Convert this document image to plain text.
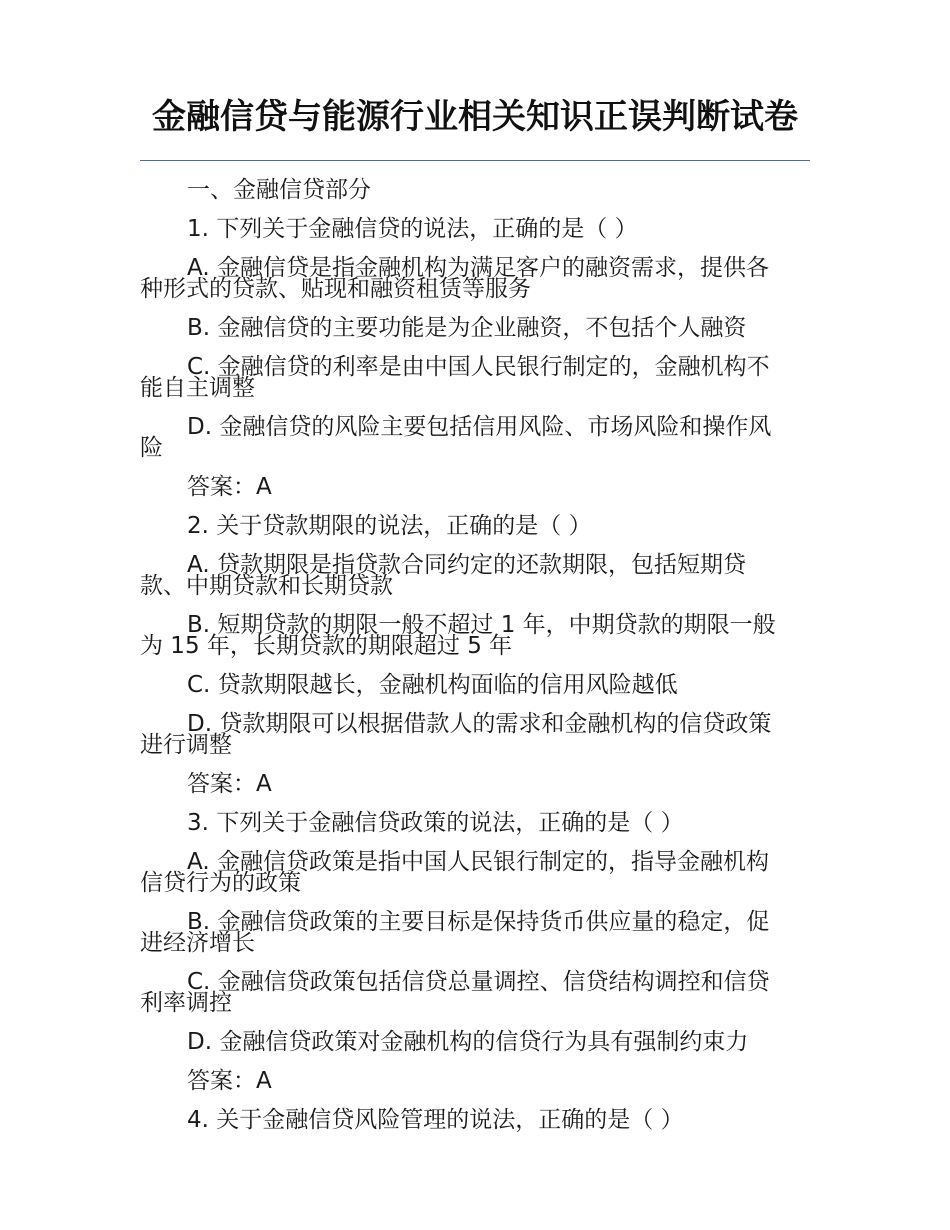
金融信贷与能源行业相关知识正误判断试卷

一、金融信贷部分

1. 下列关于金融信贷的说法，正确的是（ ）

A. 金融信贷是指金融机构为满足客户的融资需求，提供各种形式的贷款、贴现和融资租赁等服务

B. 金融信贷的主要功能是为企业融资，不包括个人融资

C. 金融信贷的利率是由中国人民银行制定的，金融机构不能自主调整

D. 金融信贷的风险主要包括信用风险、市场风险和操作风险

答案：A

2. 关于贷款期限的说法，正确的是（ ）

A. 贷款期限是指贷款合同约定的还款期限，包括短期贷款、中期贷款和长期贷款

B. 短期贷款的期限一般不超过 1 年，中期贷款的期限一般为 15 年，长期贷款的期限超过 5 年

C. 贷款期限越长，金融机构面临的信用风险越低

D. 贷款期限可以根据借款人的需求和金融机构的信贷政策进行调整

答案：A

3. 下列关于金融信贷政策的说法，正确的是（ ）

A. 金融信贷政策是指中国人民银行制定的，指导金融机构信贷行为的政策

B. 金融信贷政策的主要目标是保持货币供应量的稳定，促进经济增长

C. 金融信贷政策包括信贷总量调控、信贷结构调控和信贷利率调控

D. 金融信贷政策对金融机构的信贷行为具有强制约束力

答案：A

4. 关于金融信贷风险管理的说法，正确的是（ ）
